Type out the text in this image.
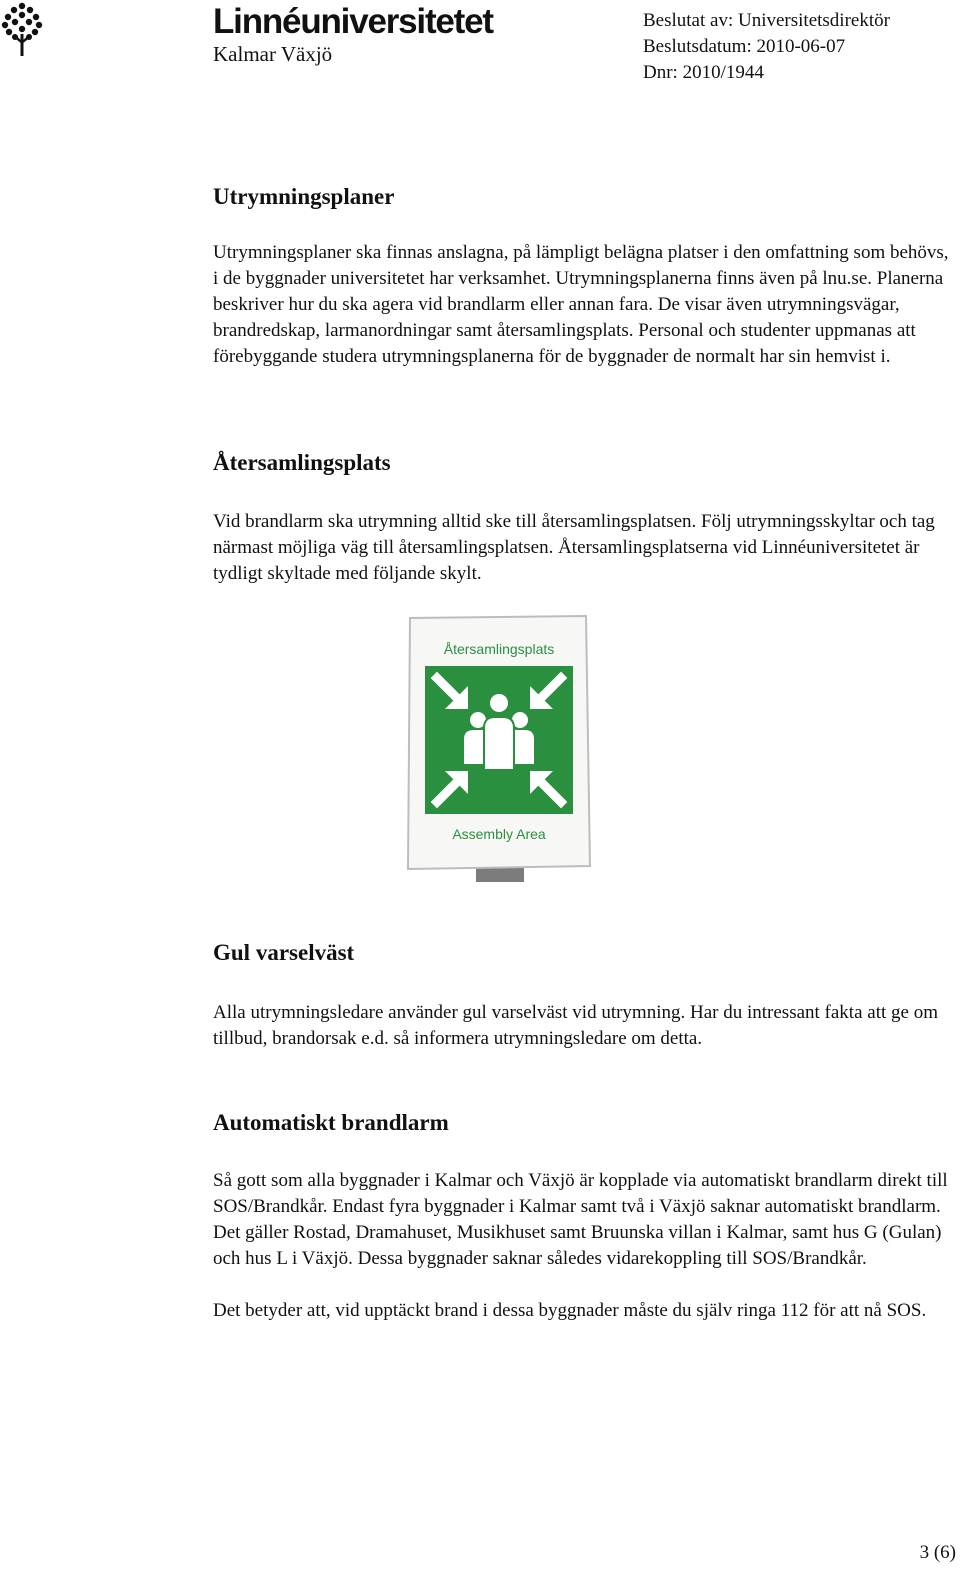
Linnéuniversitetet
Kalmar Växjö
Beslutat av: Universitetsdirektör
Beslutsdatum: 2010-06-07
Dnr: 2010/1944
Utrymningsplaner

Utrymningsplaner ska finnas anslagna, på lämpligt belägna platser i den omfattning som behövs, i de byggnader universitetet har verksamhet. Utrymningsplanerna finns även på lnu.se. Planerna beskriver hur du ska agera vid brandlarm eller annan fara. De visar även utrymningsvägar, brandredskap, larmanordningar samt återsamlingsplats. Personal och studenter uppmanas att förebyggande studera utrymningsplanerna för de byggnader de normalt har sin hemvist i.

Återsamlingsplats

Vid brandlarm ska utrymning alltid ske till återsamlingsplatsen. Följ utrymningsskyltar och tag närmast möjliga väg till återsamlingsplatsen. Återsamlingsplatserna vid Linnéuniversitetet är tydligt skyltade med följande skylt.

Återsamlingsplats
Assembly Area
Gul varselväst

Alla utrymningsledare använder gul varselväst vid utrymning. Har du intressant fakta att ge om tillbud, brandorsak e.d. så informera utrymningsledare om detta.

Automatiskt brandlarm

Så gott som alla byggnader i Kalmar och Växjö är kopplade via automatiskt brandlarm direkt till SOS/Brandkår. Endast fyra byggnader i Kalmar samt två i Växjö saknar automatiskt brandlarm. Det gäller Rostad, Dramahuset, Musikhuset samt Bruunska villan i Kalmar, samt hus G (Gulan) och hus L i Växjö. Dessa byggnader saknar således vidarekoppling till SOS/Brandkår.

Det betyder att, vid upptäckt brand i dessa byggnader måste du själv ringa 112 för att nå SOS.

3 (6)
